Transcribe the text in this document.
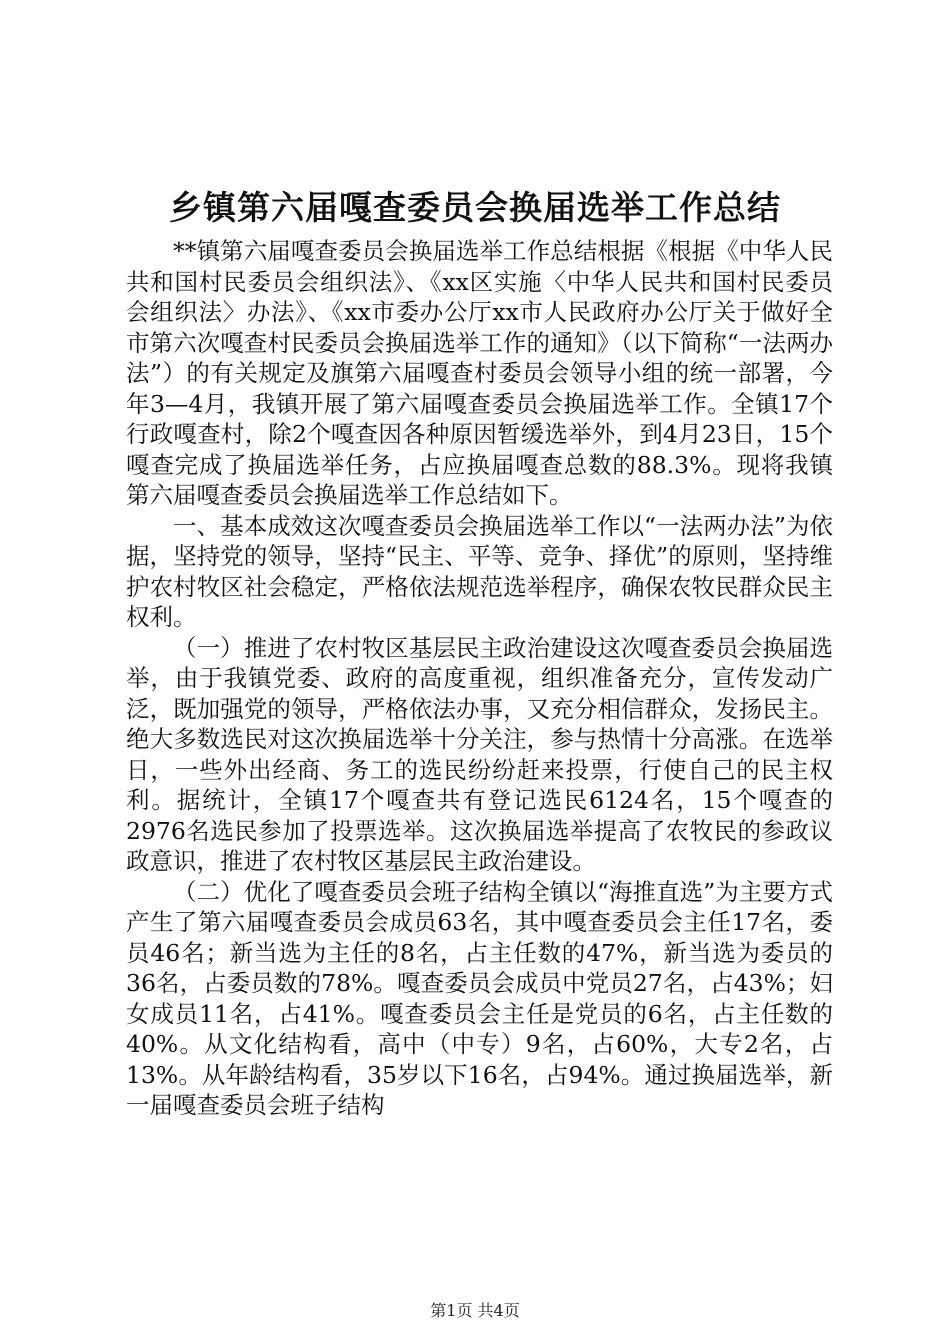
乡镇第六届嘎查委员会换届选举工作总结

**镇第六届嘎查委员会换届选举工作总结根据《根据《中华人民共和国村民委员会组织法》、《xx区实施〈中华人民共和国村民委员会组织法〉办法》、《xx市委办公厅xx市人民政府办公厅关于做好全市第六次嘎查村民委员会换届选举工作的通知》（以下简称“一法两办法”）的有关规定及旗第六届嘎查村委员会领导小组的统一部署，今年3—4月，我镇开展了第六届嘎查委员会换届选举工作。全镇17个行政嘎查村，除2个嘎查因各种原因暂缓选举外，到4月23日，15个嘎查完成了换届选举任务，占应换届嘎查总数的88.3%。现将我镇第六届嘎查委员会换届选举工作总结如下。

一、基本成效这次嘎查委员会换届选举工作以“一法两办法”为依据，坚持党的领导，坚持“民主、平等、竞争、择优”的原则，坚持维护农村牧区社会稳定，严格依法规范选举程序，确保农牧民群众民主权利。

（一）推进了农村牧区基层民主政治建设这次嘎查委员会换届选举，由于我镇党委、政府的高度重视，组织准备充分，宣传发动广泛，既加强党的领导，严格依法办事，又充分相信群众，发扬民主。绝大多数选民对这次换届选举十分关注，参与热情十分高涨。在选举日，一些外出经商、务工的选民纷纷赶来投票，行使自己的民主权利。据统计，全镇17个嘎查共有登记选民6124名，15个嘎查的2976名选民参加了投票选举。这次换届选举提高了农牧民的参政议政意识，推进了农村牧区基层民主政治建设。

（二）优化了嘎查委员会班子结构全镇以“海推直选”为主要方式产生了第六届嘎查委员会成员63名，其中嘎查委员会主任17名，委员46名；新当选为主任的8名，占主任数的47%，新当选为委员的36名，占委员数的78%。嘎查委员会成员中党员27名，占43%；妇女成员11名，占41%。嘎查委员会主任是党员的6名，占主任数的40%。从文化结构看，高中（中专）9名，占60%，大专2名，占13%。从年龄结构看，35岁以下16名，占94%。通过换届选举，新一届嘎查委员会班子结构

第1页 共4页
